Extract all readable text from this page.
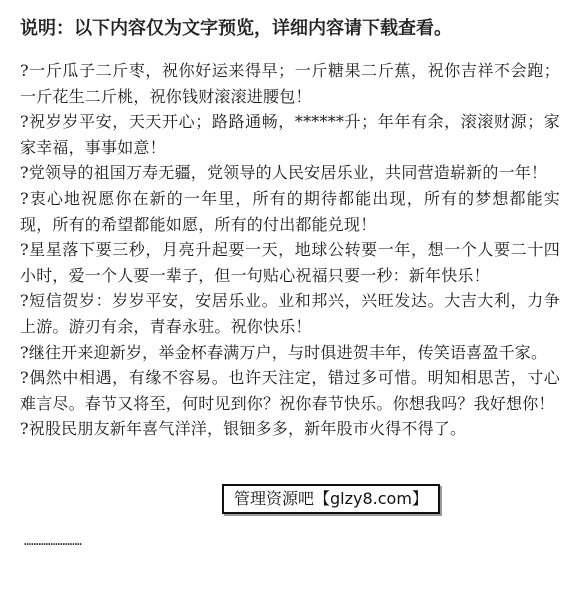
说明：以下内容仅为文字预览，详细内容请下载查看。

?一斤瓜子二斤枣，祝你好运来得早；一斤糖果二斤蕉，祝你吉祥不会跑；一斤花生二斤桃，祝你钱财滚滚进腰包！

?祝岁岁平安，天天开心；路路通畅，******升；年年有余，滚滚财源；家家幸福，事事如意！

?党领导的祖国万寿无疆，党领导的人民安居乐业，共同营造崭新的一年！

?衷心地祝愿你在新的一年里，所有的期待都能出现，所有的梦想都能实现，所有的希望都能如愿，所有的付出都能兑现！

?星星落下要三秒，月亮升起要一天，地球公转要一年，想一个人要二十四小时，爱一个人要一辈子，但一句贴心祝福只要一秒：新年快乐！

?短信贺岁：岁岁平安，安居乐业。业和邦兴，兴旺发达。大吉大利，力争上游。游刃有余，青春永驻。祝你快乐！

?继往开来迎新岁，举金杯春满万户，与时俱进贺丰年，传笑语喜盈千家。

?偶然中相遇，有缘不容易。也许天注定，错过多可惜。明知相思苦，寸心难言尽。春节又将至，何时见到你？祝你春节快乐。你想我吗？我好想你！

?祝股民朋友新年喜气洋洋，银钿多多，新年股市火得不得了。

……………………
管理资源吧【glzy8.com】
